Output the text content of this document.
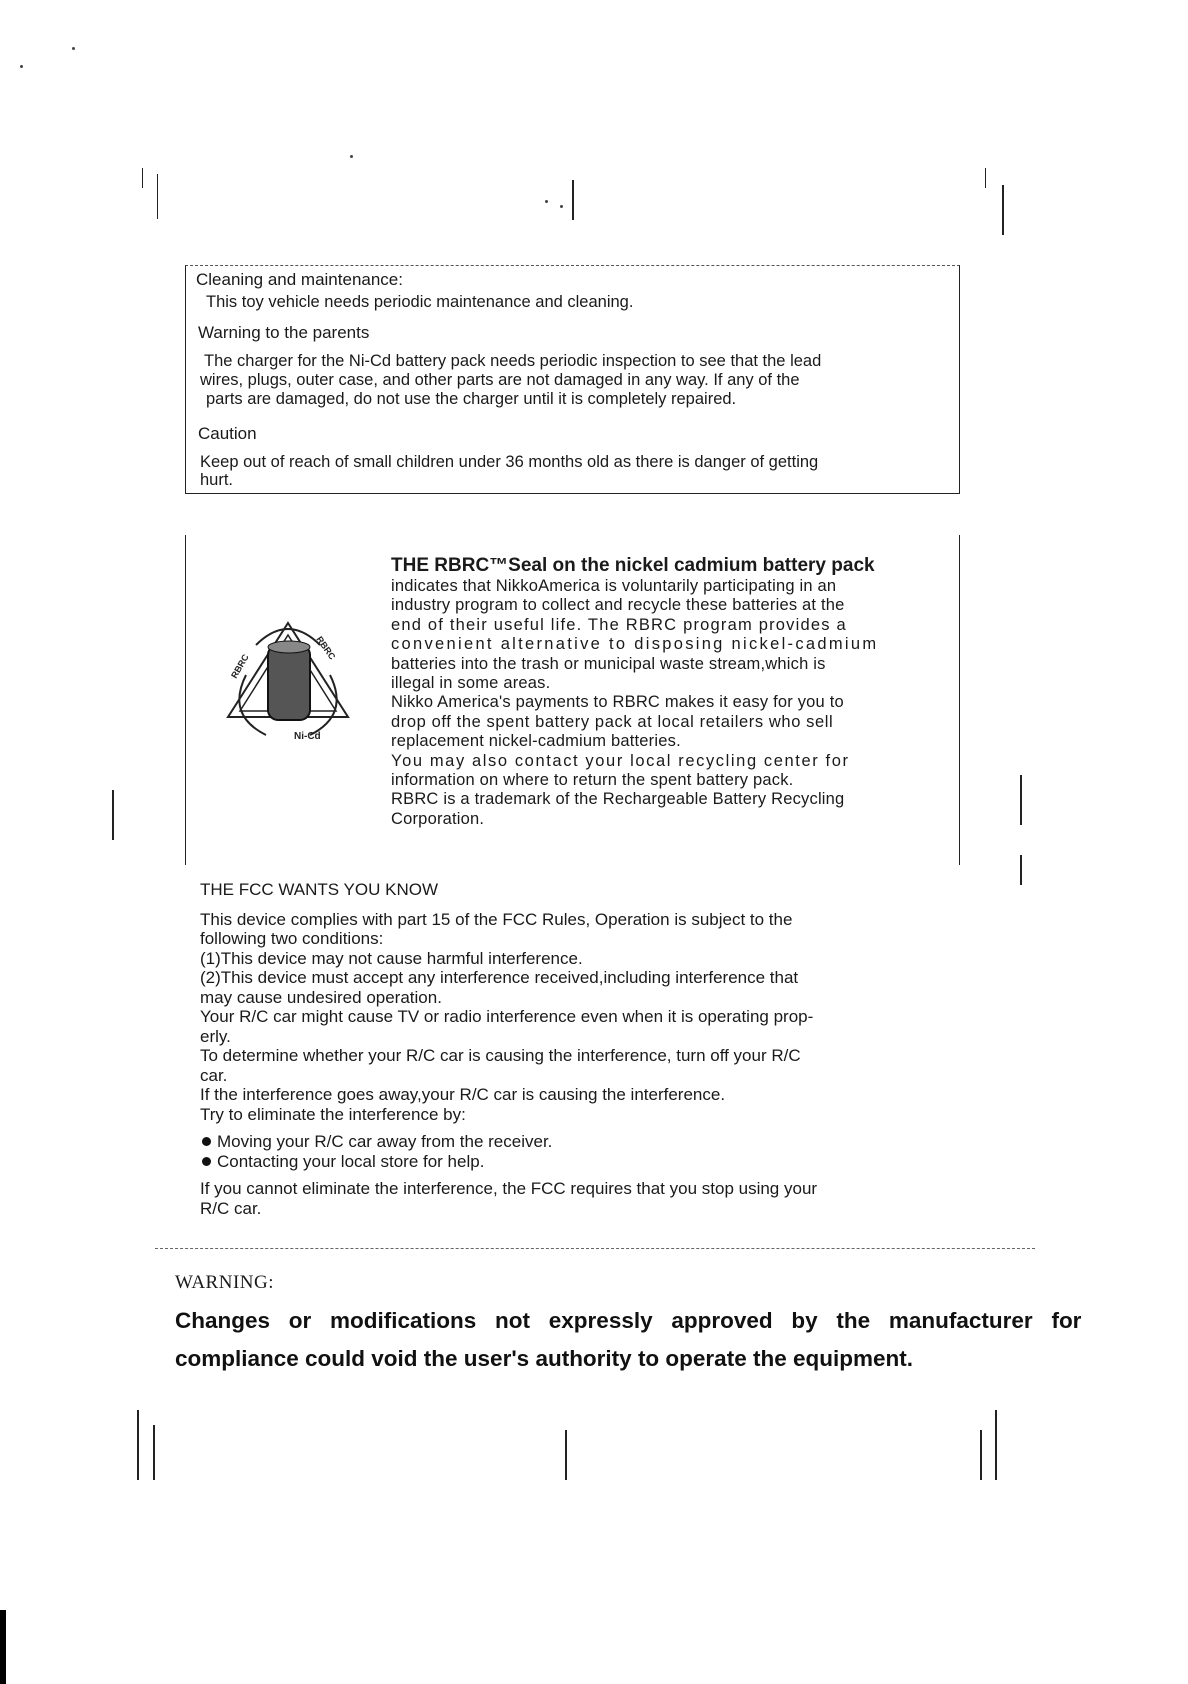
Cleaning and maintenance:

This toy vehicle needs periodic maintenance and cleaning.

Warning to the parents

The charger for the Ni-Cd battery pack needs periodic inspection to see that the lead

wires, plugs, outer case, and other parts are not damaged in any way. If any of the

parts are damaged, do not use the charger until it is completely repaired.

Caution

Keep out of reach of small children under 36 months old as there is danger of getting

hurt.

RBRC
RBRC
Ni-Cd

THE RBRC™Seal on the nickel cadmium battery pack

indicates that NikkoAmerica is voluntarily participating in an

industry program to collect and recycle these batteries at the

end of their useful life. The RBRC program provides a

convenient alternative to disposing nickel-cadmium

batteries into the trash or municipal waste stream,which is

illegal in some areas.

Nikko America's payments to RBRC makes it easy for you to

drop off the spent battery pack at local retailers who sell

replacement nickel-cadmium batteries.

You may also contact your local recycling center for

information on where to return the spent battery pack.

RBRC is a trademark of the Rechargeable Battery Recycling

Corporation.

THE FCC WANTS YOU KNOW

This device complies with part 15 of the FCC Rules, Operation is subject to the

following two conditions:

(1)This device may not cause harmful interference.

(2)This device must accept any interference received,including interference that

may cause undesired operation.

Your R/C car might cause TV or radio interference even when it is operating prop-

erly.

To determine whether your R/C car is causing the interference, turn off your R/C

car.

If the interference goes away,your R/C car is causing the interference.

Try to eliminate the interference by:

Moving your R/C car away from the receiver.

Contacting your local store for help.

If you cannot eliminate the interference, the FCC requires that you stop using your

R/C car.

WARNING:
Changes   or   modifications   not   expressly   approved   by   the   manufacturer   for
compliance could void the user's authority to operate the equipment.
